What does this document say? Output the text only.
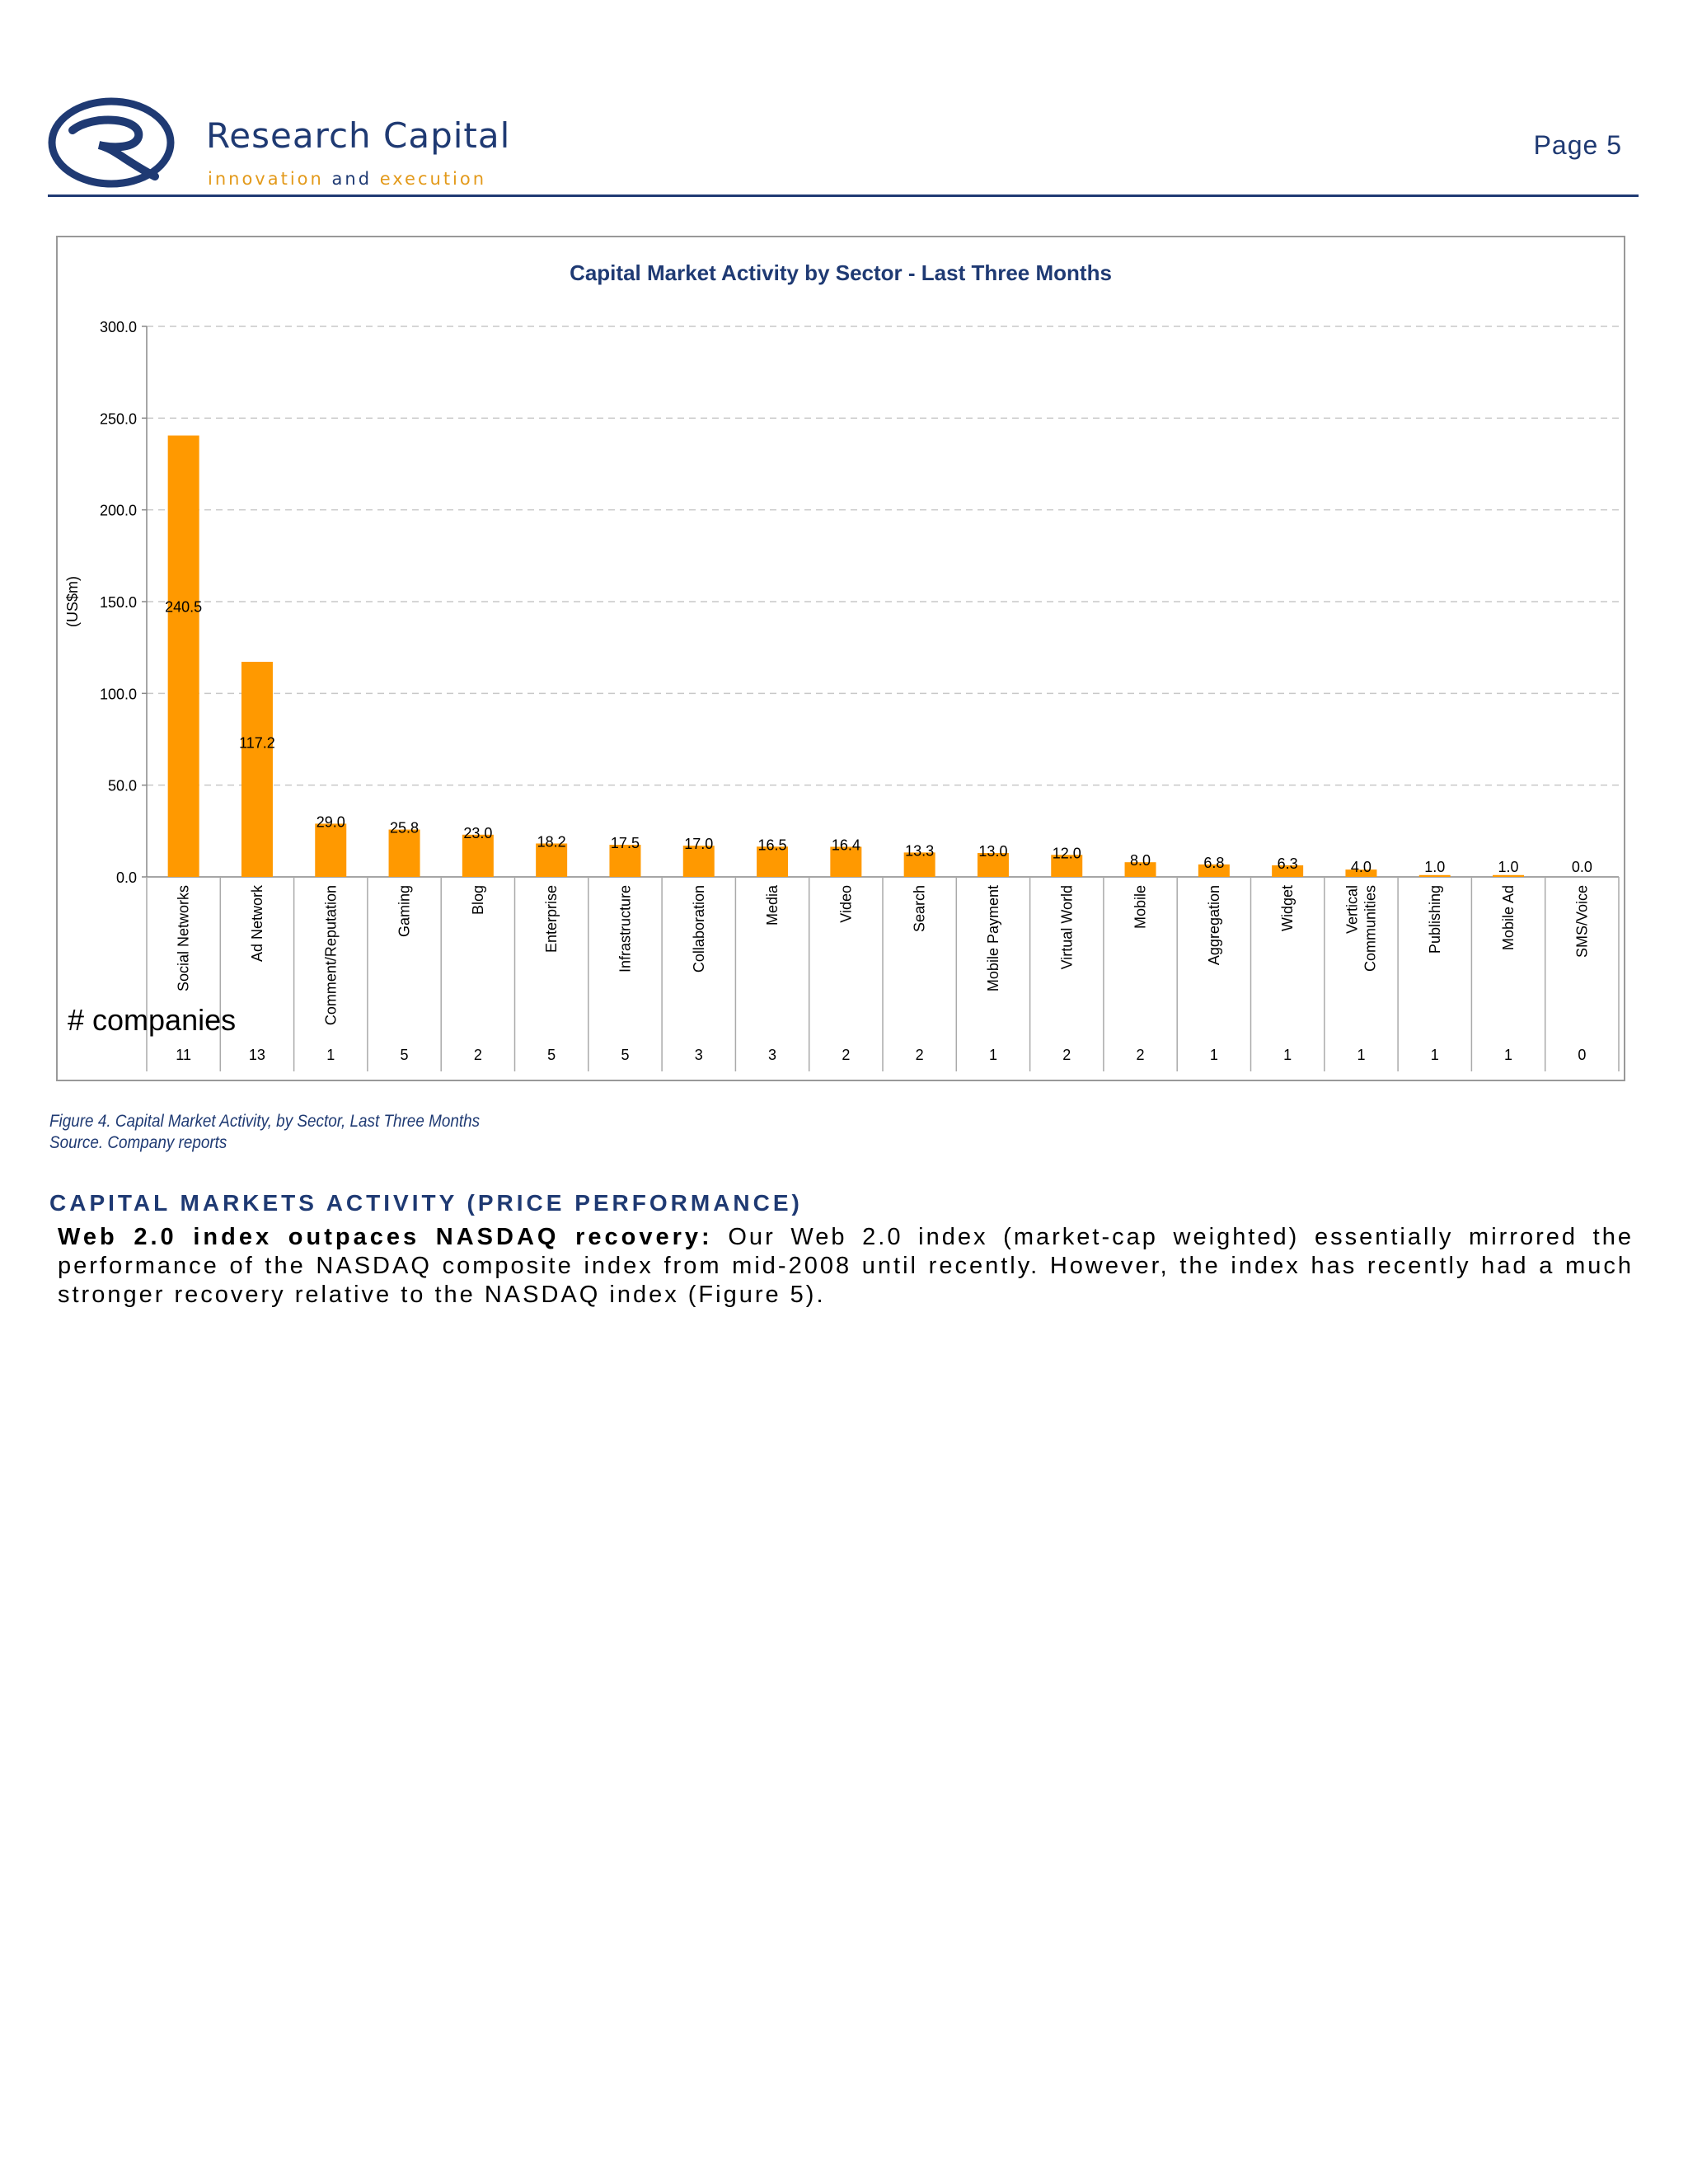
Research Capital
innovation and execution
Page 5
Capital Market Activity by Sector - Last Three Months
0.0
50.0
100.0
150.0
200.0
250.0
300.0
(US$m)	240.5
117.2
29.0	25.8	23.0
18.2	17.5	17.0	16.5	16.4	13.3	13.0	12.0	8.0	6.8	6.3	4.0	1.0	1.0	0.0
Social Networks	Ad Network	Comment/Reputation	Gaming	Blog	Enterprise	Infrastructure	Collaboration	Media	Video	Search	Mobile Payment	Virtual World	Mobile	Aggregation	Widget	Vertical Communities	Publishing	Mobile Ad	SMS/Voice
# companies
11	13	1	5	2	5	5	3	3	2	2	1	2	2	1	1	1	1	1	0
Figure 4. Capital Market Activity, by Sector, Last Three Months
Source. Company reports
CAPITAL MARKETS ACTIVITY (PRICE PERFORMANCE)
Web 2.0 index outpaces NASDAQ recovery: Our Web 2.0 index (market-cap weighted) essentially mirrored the performance of the NASDAQ composite index from mid-2008 until recently. However, the index has recently had a much stronger recovery relative to the NASDAQ index (Figure 5).
